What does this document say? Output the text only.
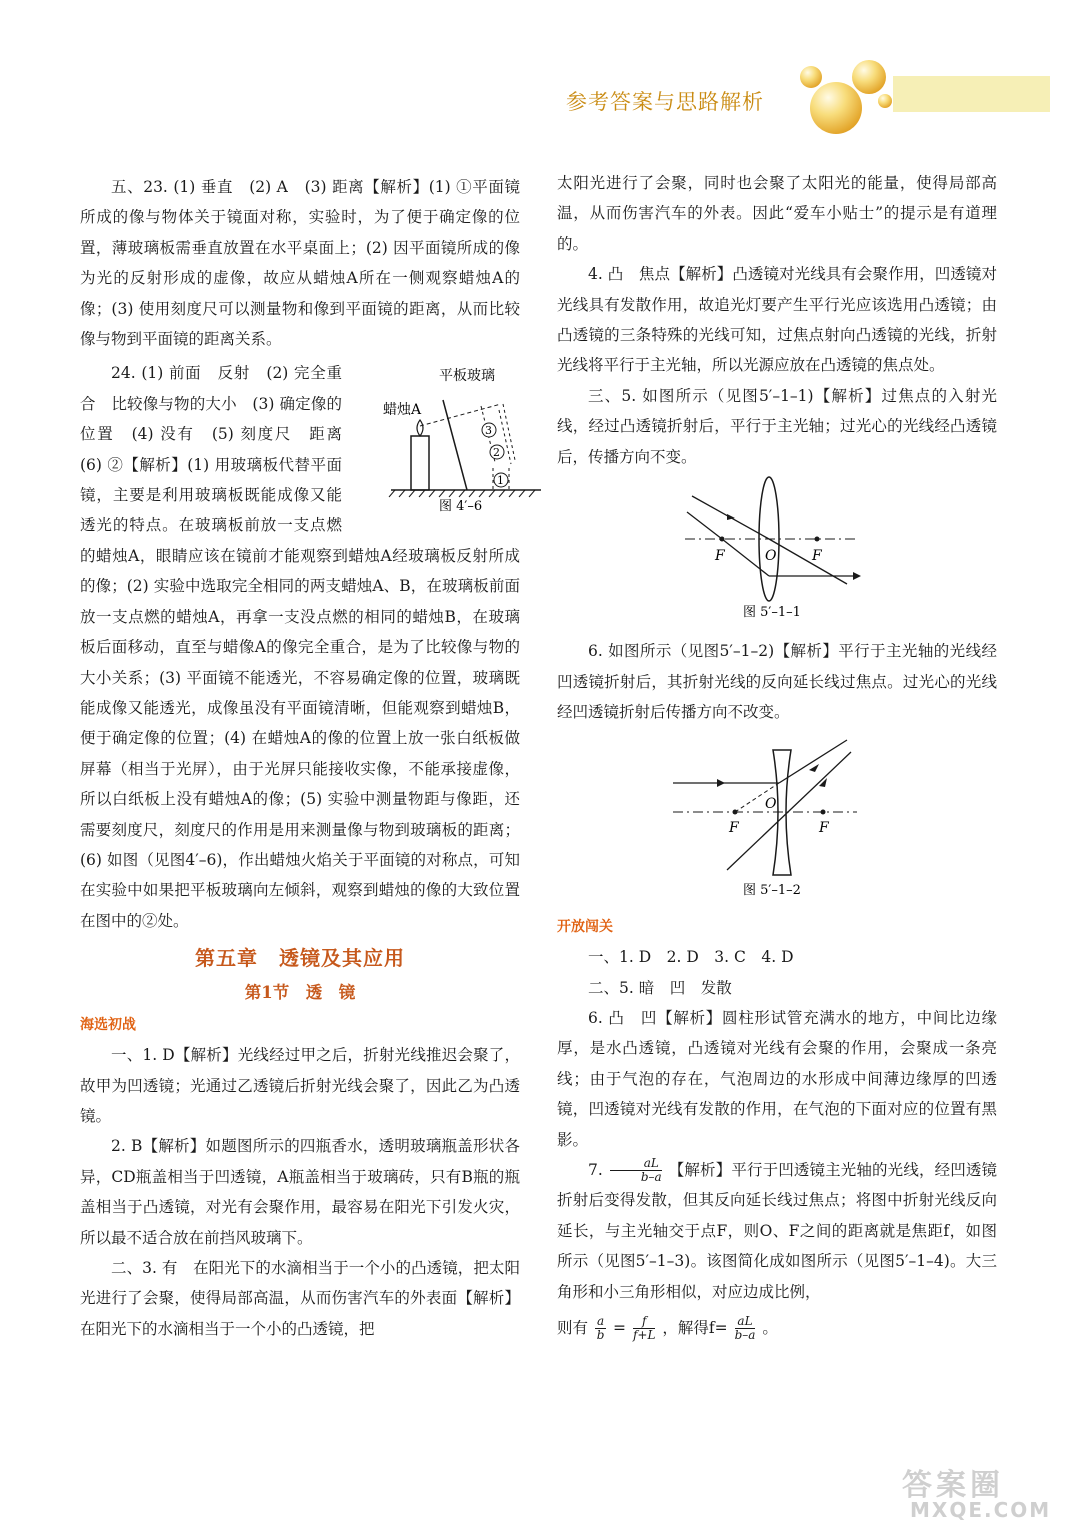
参考答案与思路解析

五、23. (1) 垂直　(2) A　(3) 距离【解析】(1) ①平面镜所成的像与物体关于镜面对称，实验时，为了便于确定像的位置，薄玻璃板需垂直放置在水平桌面上；(2) 因平面镜所成的像为光的反射形成的虚像，故应从蜡烛A所在一侧观察蜡烛A的像；(3) 使用刻度尺可以测量物和像到平面镜的距离，从而比较像与物到平面镜的距离关系。

平板玻璃
蜡烛A
3
2
1
图 4′–6
24. (1) 前面　反射　(2) 完全重合　比较像与物的大小　(3) 确定像的位置　(4) 没有　(5) 刻度尺　距离　(6) ②【解析】(1) 用玻璃板代替平面镜，主要是利用玻璃板既能成像又能透光的特点。在玻璃板前放一支点燃的蜡烛A，眼睛应该在镜前才能观察到蜡烛A经玻璃板反射所成的像；(2) 实验中选取完全相同的两支蜡烛A、B，在玻璃板前面放一支点燃的蜡烛A，再拿一支没点燃的相同的蜡烛B，在玻璃板后面移动，直至与蜡像A的像完全重合，是为了比较像与物的大小关系；(3) 平面镜不能透光，不容易确定像的位置，玻璃既能成像又能透光，成像虽没有平面镜清晰，但能观察到蜡烛B，便于确定像的位置；(4) 在蜡烛A的像的位置上放一张白纸板做屏幕（相当于光屏），由于光屏只能接收实像，不能承接虚像，所以白纸板上没有蜡烛A的像；(5) 实验中测量物距与像距，还需要刻度尺，刻度尺的作用是用来测量像与物到玻璃板的距离；(6) 如图（见图4′–6)，作出蜡烛火焰关于平面镜的对称点，可知在实验中如果把平板玻璃向左倾斜，观察到蜡烛的像的大致位置在图中的②处。

第五章　透镜及其应用
第1节　透　镜
海选初战

一、1. D【解析】光线经过甲之后，折射光线推迟会聚了，故甲为凹透镜；光通过乙透镜后折射光线会聚了，因此乙为凸透镜。

2. B【解析】如题图所示的四瓶香水，透明玻璃瓶盖形状各异，CD瓶盖相当于凹透镜，A瓶盖相当于玻璃砖，只有B瓶的瓶盖相当于凸透镜，对光有会聚作用，最容易在阳光下引发火灾，所以最不适合放在前挡风玻璃下。

二、3. 有　在阳光下的水滴相当于一个小的凸透镜，把太阳光进行了会聚，使得局部高温，从而伤害汽车的外表面【解析】在阳光下的水滴相当于一个小的凸透镜，把

太阳光进行了会聚，同时也会聚了太阳光的能量，使得局部高温，从而伤害汽车的外表。因此“爱车小贴士”的提示是有道理的。

4. 凸　焦点【解析】凸透镜对光线具有会聚作用，凹透镜对光线具有发散作用，故追光灯要产生平行光应该选用凸透镜；由凸透镜的三条特殊的光线可知，过焦点射向凸透镜的光线，折射光线将平行于主光轴，所以光源应放在凸透镜的焦点处。

三、5. 如图所示（见图5′–1–1)【解析】过焦点的入射光线，经过凸透镜折射后，平行于主光轴；过光心的光线经凸透镜后，传播方向不变。

F	F
O
图 5′–1–1

6. 如图所示（见图5′–1–2)【解析】平行于主光轴的光线经凹透镜折射后，其折射光线的反向延长线过焦点。过光心的光线经凹透镜折射后传播方向不改变。

F	F
O
图 5′–1–2
开放闯关

一、1. D　2. D　3. C　4. D

二、5. 暗　凹　发散

6. 凸　凹【解析】圆柱形试管充满水的地方，中间比边缘厚，是水凸透镜，凸透镜对光线有会聚的作用，会聚成一条亮线；由于气泡的存在，气泡周边的水形成中间薄边缘厚的凹透镜，凹透镜对光线有发散的作用，在气泡的下面对应的位置有黑影。

7. $\frac{aL}{b-a}$ 【解析】平行于凹透镜主光轴的光线，经凹透镜折射后变得发散，但其反向延长线过焦点；将图中折射光线反向延长，与主光轴交于点F，则O、F之间的距离就是焦距f，如图所示（见图5′–1–3)。该图简化成如图所示（见图5′–1–4)。大三角形和小三角形相似，对应边成比例，

则有 $\frac{a}{b} = \frac{f}{f+L}$ ，解得$f= \frac{aL}{b-a}$ 。

答案圈
MXQE.COM
